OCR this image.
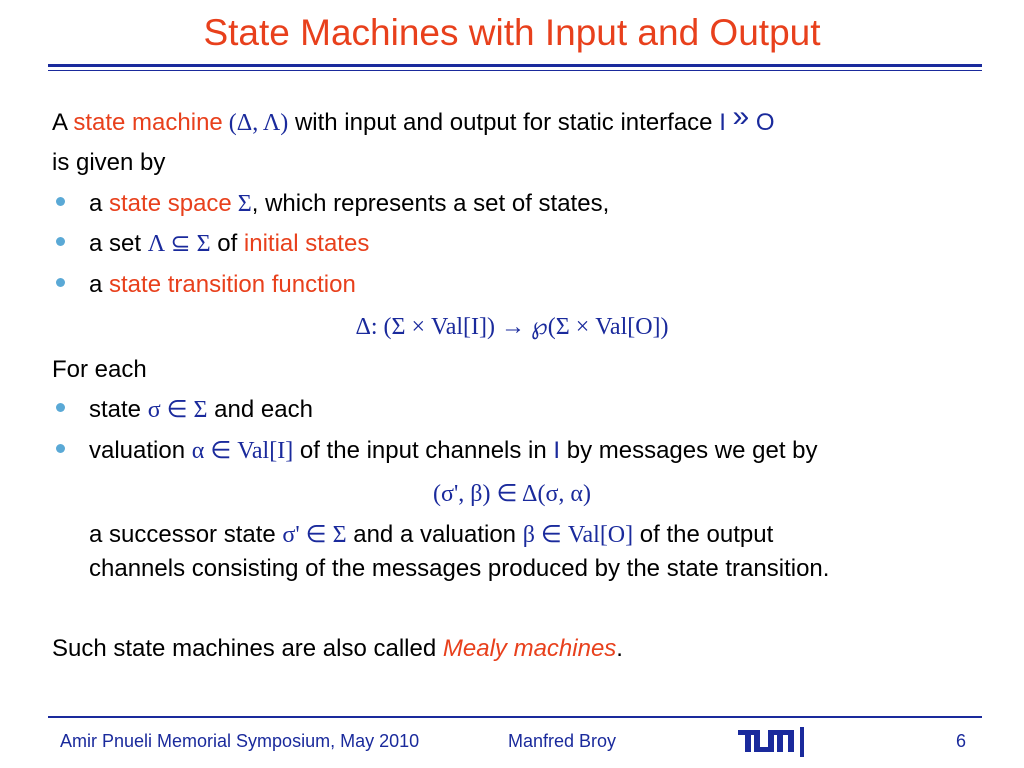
State Machines with Input and Output
A state machine (Δ, Λ) with input and output for static interface I » O
is given by
a state space Σ, which represents a set of states,
a set Λ ⊆ Σ of initial states
a state transition function
Δ: (Σ × Val[I]) → ℘(Σ × Val[O])
For each
state σ ∈ Σ and each
valuation α ∈ Val[I] of the input channels in I by messages we get by
(σ', β) ∈ Δ(σ, α)
a successor state σ' ∈ Σ and a valuation β ∈ Val[O] of the output
channels consisting of the messages produced by the state transition.
Such state machines are also called Mealy machines.
Amir Pnueli Memorial Symposium, May 2010	Manfred Broy	6
